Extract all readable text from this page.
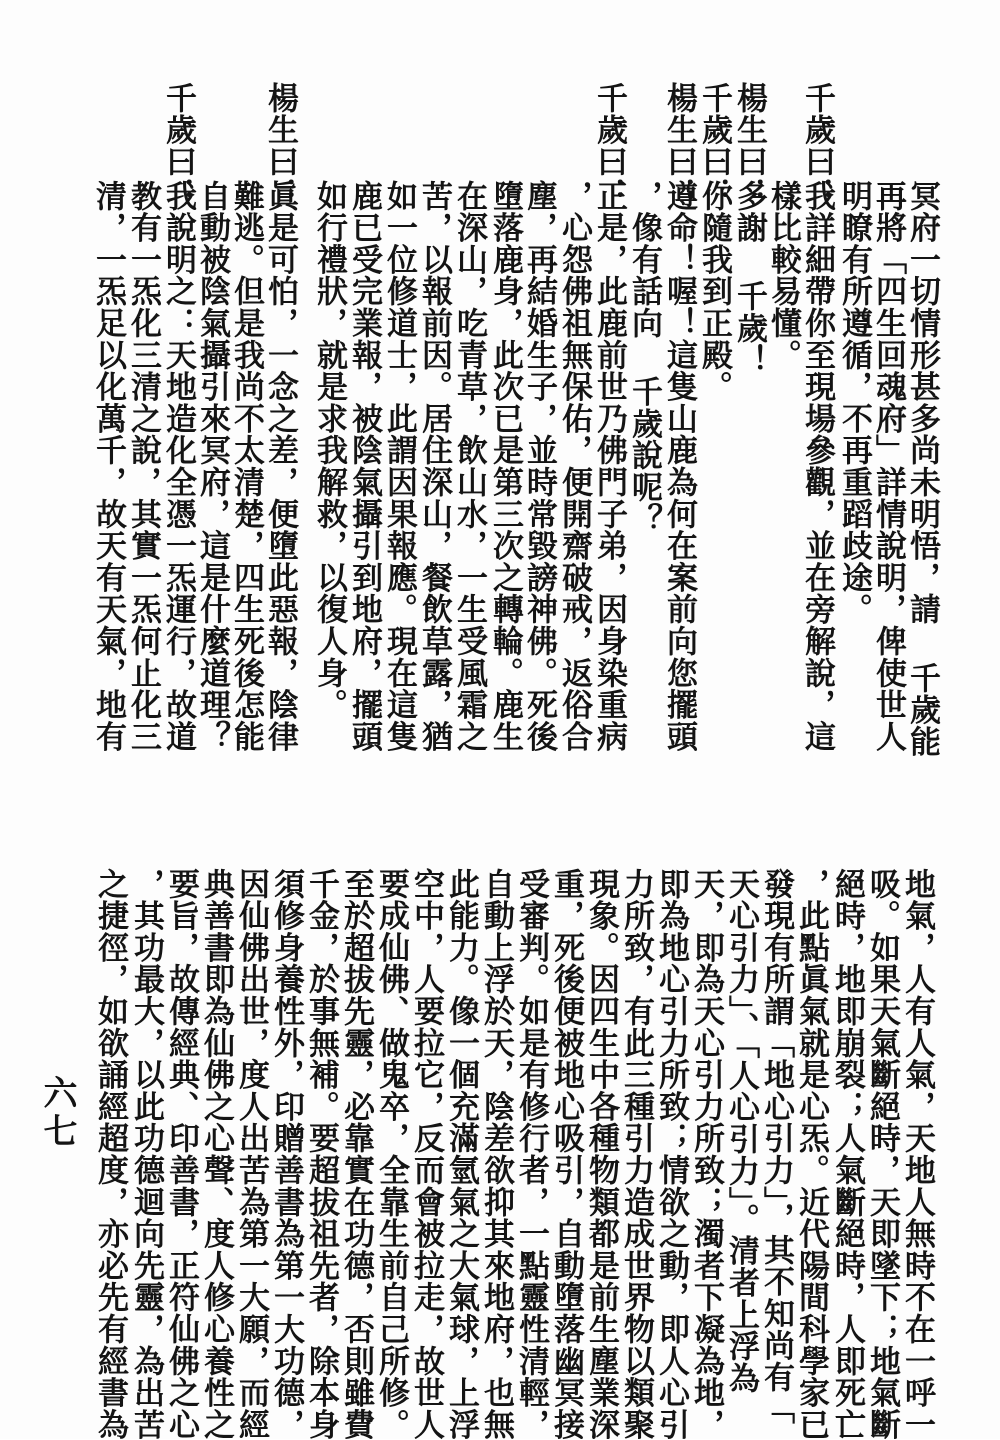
千歲曰：
楊生曰：
千歲曰：
楊生曰：
千歲曰：
楊生曰：
千歲曰：
冥府一切情形甚多尚未明悟，請 千歲能
再將「四生回魂府」詳情說明，俾使世人
明瞭有所遵循，不再重蹈歧途。
我詳細帶你至現場參觀，並在旁解說，這
樣比較易懂。
多謝 千歲！
你隨我到正殿。
遵命！喔！這隻山鹿為何在案前向您擺頭
，像有話向 千歲說呢？
正是，此鹿前世乃佛門子弟，因身染重病
，心怨佛祖無保佑，便開齋破戒，返俗合
塵，再結婚生子，並時常毀謗神佛。死後
墮落鹿身，此次已是第三次之轉輪。鹿生
在深山，吃青草，飲山水，一生受風霜之
苦，以報前因。居住深山，餐飲草露，猶
如一位修道士，此謂因果報應。現在這隻
鹿已受完業報，被陰氣攝引到地府，擺頭
如行禮狀，就是求我解救，以復人身。
眞是可怕，一念之差，便墮此惡報，陰律
難逃。但是我尚不太清楚，四生死後怎能
自動被陰氣攝引來冥府，這是什麼道理？
我說明之：天地造化全憑一炁運行，故道
教有一炁化三清之說，其實一炁何止化三
清，一炁足以化萬千，故天有天氣，地有
地氣，人有人氣，天地人無時不在一呼一
吸。如果天氣斷絕時，天即墜下；地氣斷
絕時，地即崩裂；人氣斷絕時，人即死亡
，此點眞氣就是心炁。近代陽間科學家已
發現有所謂「地心引力」，其不知尚有「
天心引力」、「人心引力」。清者上浮為
天，即為天心引力所致；濁者下凝為地，
即為地心引力所致；情欲之動，即人心引
力所致，有此三種引力造成世界物以類聚
現象。因四生中各種物類都是前生塵業深
重，死後便被地心吸引，自動墮落幽冥接
受審判。如是有修行者，一點靈性清輕，
自動上浮於天，陰差欲抑其來地府，也無
此能力。像一個充滿氫氣之大氣球，上浮
空中，人要拉它，反而會被拉走，故世人
要成仙佛、做鬼卒，全靠生前自己所修。
至於超拔先靈，必靠實在功德，否則雖費
千金，於事無補。要超拔祖先者，除本身
須修身養性外，印贈善書為第一大功德，
因仙佛出世，度人出苦為第一大願，而經
典善書即為仙佛之心聲、度人修心養性之
要旨，故傳經典、印善書，正符仙佛之心
，其功最大，以此功德迴向先靈，為出苦
之捷徑，如欲誦經超度，亦必先有經書為
六七
